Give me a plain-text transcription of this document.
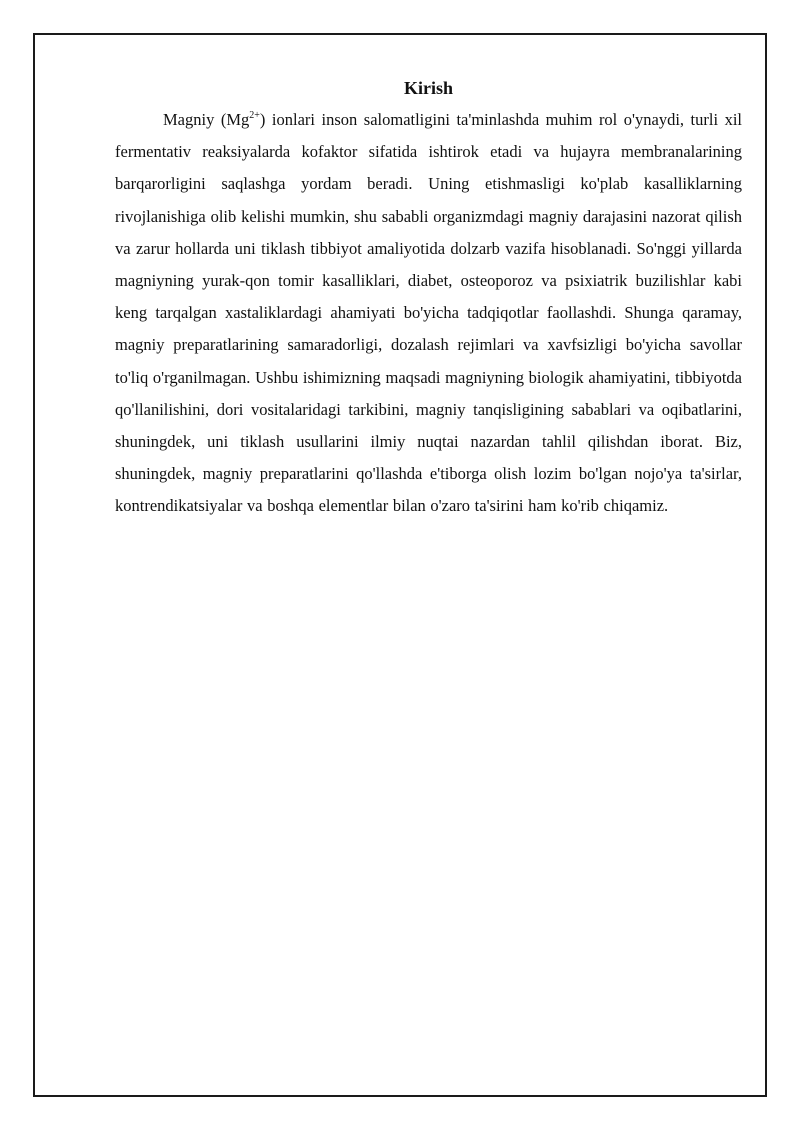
Kirish

Magniy $(Mg^{2+})$ ionlari inson salomatligini ta'minlashda muhim rol o'ynaydi, turli xil fermentativ reaksiyalarda kofaktor sifatida ishtirok etadi va hujayra membranalarining barqarorligini saqlashga yordam beradi. Uning etishmasligi ko'plab kasalliklarning rivojlanishiga olib kelishi mumkin, shu sababli organizmdagi magniy darajasini nazorat qilish va zarur hollarda uni tiklash tibbiyot amaliyotida dolzarb vazifa hisoblanadi. So'nggi yillarda magniyning yurak-qon tomir kasalliklari, diabet, osteoporoz va psixiatrik buzilishlar kabi keng tarqalgan xastaliklardagi ahamiyati bo'yicha tadqiqotlar faollashdi. Shunga qaramay, magniy preparatlarining samaradorligi, dozalash rejimlari va xavfsizligi bo'yicha savollar to'liq o'rganilmagan. Ushbu ishimizning maqsadi magniyning biologik ahamiyatini, tibbiyotda qo'llanilishini, dori vositalaridagi tarkibini, magniy tanqisligining sabablari va oqibatlarini, shuningdek, uni tiklash usullarini ilmiy nuqtai nazardan tahlil qilishdan iborat. Biz, shuningdek, magniy preparatlarini qo'llashda e'tiborga olish lozim bo'lgan nojo'ya ta'sirlar, kontrendikatsiyalar va boshqa elementlar bilan o'zaro ta'sirini ham ko'rib chiqamiz.
